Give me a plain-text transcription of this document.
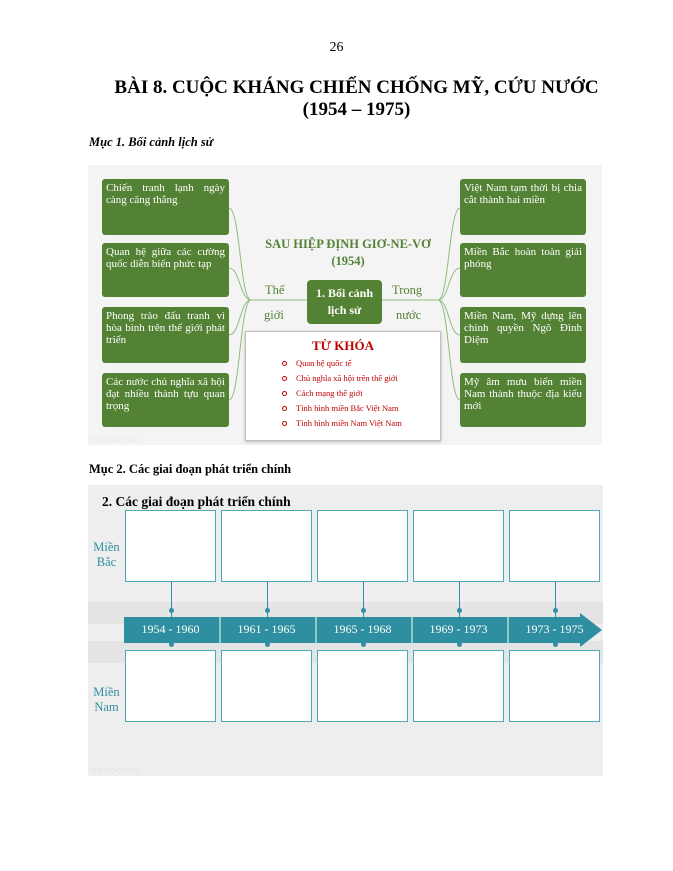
26
BÀI 8. CUỘC KHÁNG CHIẾN CHỐNG MỸ, CỨU NƯỚC
(1954 – 1975)
Mục 1. Bối cảnh lịch sử
Chiến tranh lạnh ngày càng căng thẳng
Quan hệ giữa các cường quốc diễn biến phức tạp
Phong trào đấu tranh vì hòa bình trên thế giới phát triển
Các nước chủ nghĩa xã hội đạt nhiều thành tựu quan trọng
Việt Nam tạm thời bị chia cắt thành hai miền
Miền Bắc hoàn toàn giải phóng
Miền Nam, Mỹ dựng lên chính quyền Ngô Đình Diệm
Mỹ âm mưu biến miền Nam thành thuộc địa kiểu mới
SAU HIỆP ĐỊNH GIƠ-NE-VƠ (1954)
1. Bối cảnh lịch sử
Thế
giới
Trong
nước
TỪ KHÓA
Quan hệ quốc tế
Chủ nghĩa xã hội trên thế giới
Cách mạng thế giới
Tình hình miền Bắc Việt Nam
Tình hình miền Nam Việt Nam
◌◌◌◌◌◌◌◌
Mục 2. Các giai đoạn phát triển chính
2. Các giai đoạn phát triển chính
Miền
Bắc
Miền
Nam
1954 - 1960	1961 - 1965	1965 - 1968	1969 - 1973	1973 - 1975
◌◌◌◌◌◌◌◌
